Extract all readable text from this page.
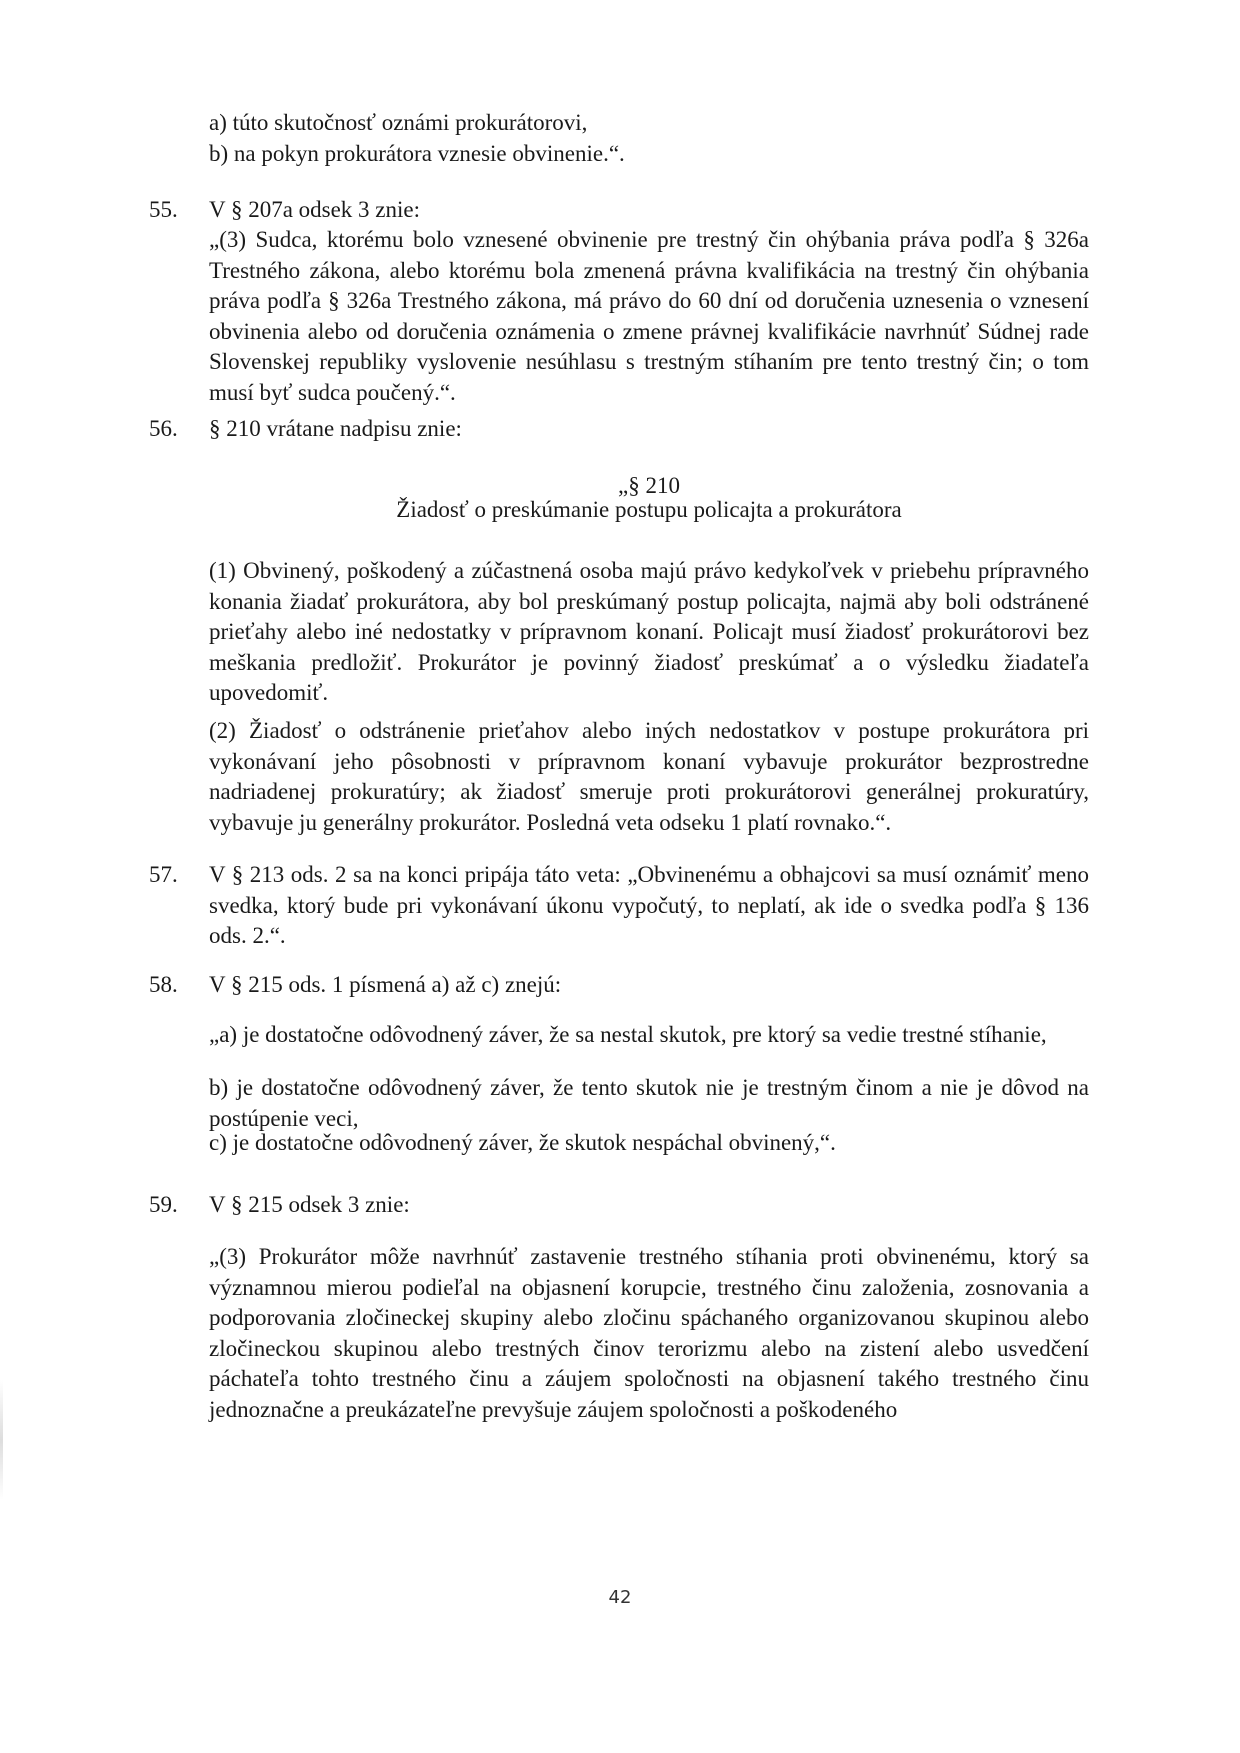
a) túto skutočnosť oznámi prokurátorovi,
b) na pokyn prokurátora vznesie obvinenie.“.
55. V § 207a odsek 3 znie:
„(3) Sudca, ktorému bolo vznesené obvinenie pre trestný čin ohýbania práva podľa § 326a Trestného zákona, alebo ktorému bola zmenená právna kvalifikácia na trestný čin ohýbania práva podľa § 326a Trestného zákona, má právo do 60 dní od doručenia uznesenia o vznesení obvinenia alebo od doručenia oznámenia o zmene právnej kvalifikácie navrhnúť Súdnej rade Slovenskej republiky vyslovenie nesúhlasu s trestným stíhaním pre tento trestný čin; o tom musí byť sudca poučený.“.
56. § 210 vrátane nadpisu znie:
„§ 210
Žiadosť o preskúmanie postupu policajta a prokurátora
(1) Obvinený, poškodený a zúčastnená osoba majú právo kedykoľvek v priebehu prípravného konania žiadať prokurátora, aby bol preskúmaný postup policajta, najmä aby boli odstránené prieťahy alebo iné nedostatky v prípravnom konaní. Policajt musí žiadosť prokurátorovi bez meškania predložiť. Prokurátor je povinný žiadosť preskúmať a o výsledku žiadateľa upovedomiť.
(2) Žiadosť o odstránenie prieťahov alebo iných nedostatkov v postupe prokurátora pri vykonávaní jeho pôsobnosti v prípravnom konaní vybavuje prokurátor bezprostredne nadriadenej prokuratúry; ak žiadosť smeruje proti prokurátorovi generálnej prokuratúry, vybavuje ju generálny prokurátor. Posledná veta odseku 1 platí rovnako.“.
57. V § 213 ods. 2 sa na konci pripája táto veta: „Obvinenému a obhajcovi sa musí oznámiť meno svedka, ktorý bude pri vykonávaní úkonu vypočutý, to neplatí, ak ide o svedka podľa § 136 ods. 2.“.
58. V § 215 ods. 1 písmená a) až c) znejú:
„a) je dostatočne odôvodnený záver, že sa nestal skutok, pre ktorý sa vedie trestné stíhanie,
b) je dostatočne odôvodnený záver, že tento skutok nie je trestným činom a nie je dôvod na postúpenie veci,
c) je dostatočne odôvodnený záver, že skutok nespáchal obvinený,“.
59. V § 215 odsek 3 znie:
„(3) Prokurátor môže navrhnúť zastavenie trestného stíhania proti obvinenému, ktorý sa významnou mierou podieľal na objasnení korupcie, trestného činu založenia, zosnovania a podporovania zločineckej skupiny alebo zločinu spáchaného organizovanou skupinou alebo zločineckou skupinou alebo trestných činov terorizmu alebo na zistení alebo usvedčení páchateľa tohto trestného činu a záujem spoločnosti na objasnení takého trestného činu jednoznačne a preukázateľne prevyšuje záujem spoločnosti a poškodeného
42
